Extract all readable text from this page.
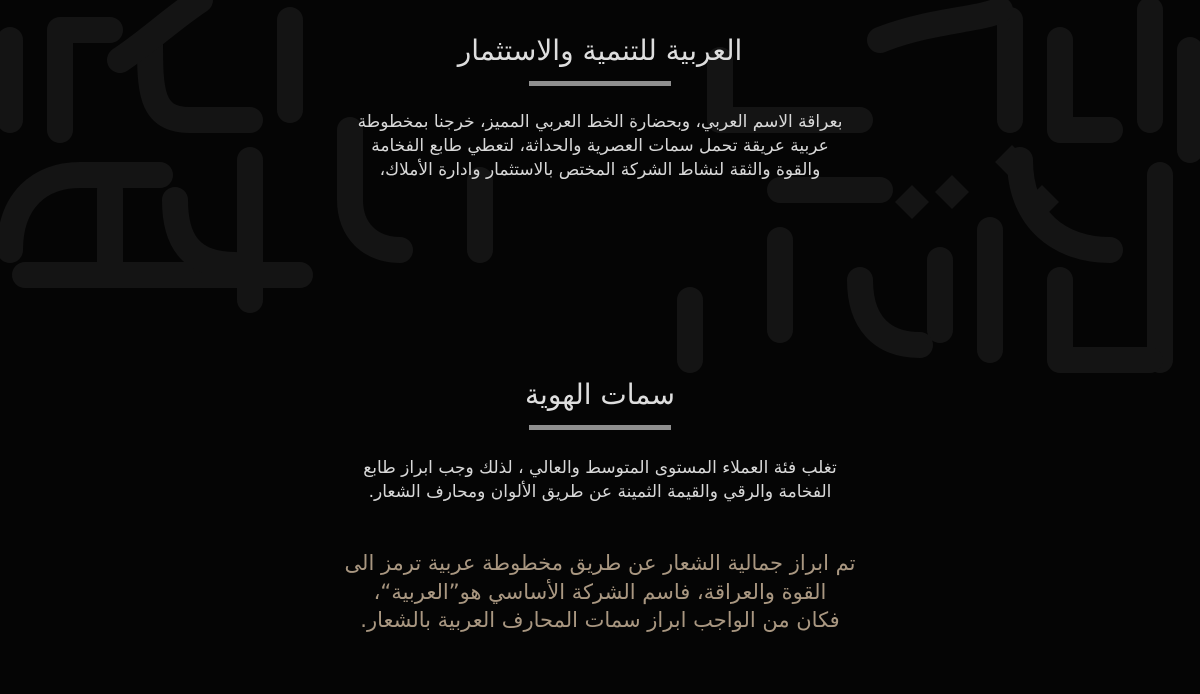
العربية للتنمية والاستثمار

بعراقة الاسم العربي، وبحضارة الخط العربي المميز، خرجنا بمخطوطة
عربية عريقة تحمل سمات العصرية والحداثة، لتعطي طابع الفخامة
والقوة والثقة لنشاط الشركة المختص بالاستثمار وادارة الأملاك،

سمات الهوية

تغلب فئة العملاء المستوى المتوسط والعالي ، لذلك وجب ابراز طابع
الفخامة والرقي والقيمة الثمينة عن طريق الألوان ومحارف الشعار.

تم ابراز جمالية الشعار عن طريق مخطوطة عربية ترمز الى
القوة والعراقة، فاسم الشركة الأساسي هو”العربية“،
فكان من الواجب ابراز سمات المحارف العربية بالشعار.
